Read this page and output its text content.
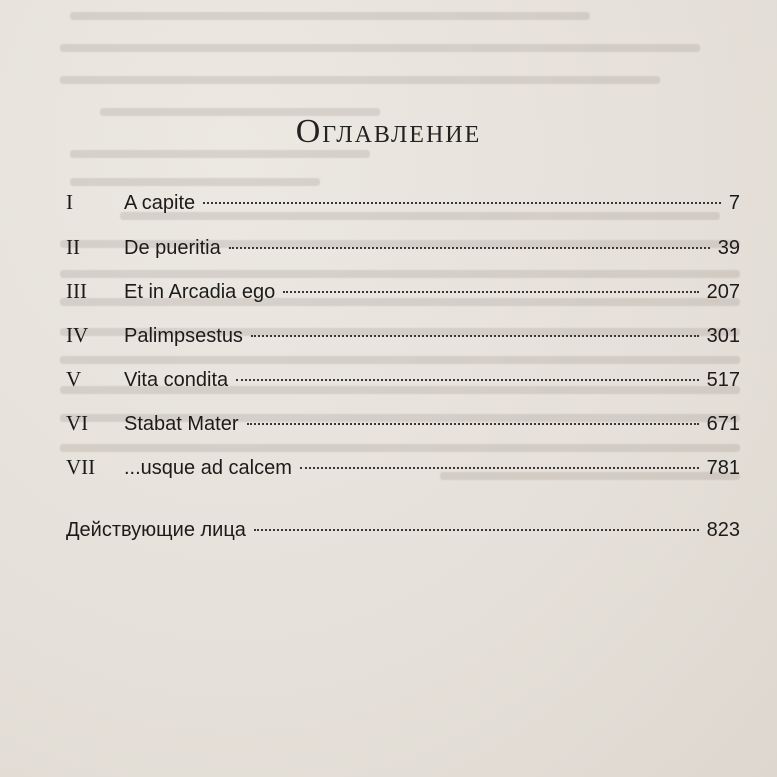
Оглавление
I	A capite	7
II	De pueritia	39
III	Et in Arcadia ego	207
IV	Palimpsestus	301
V	Vita condita	517
VI	Stabat Mater	671
VII	...usque ad calcem	781
Действующие лица	823
